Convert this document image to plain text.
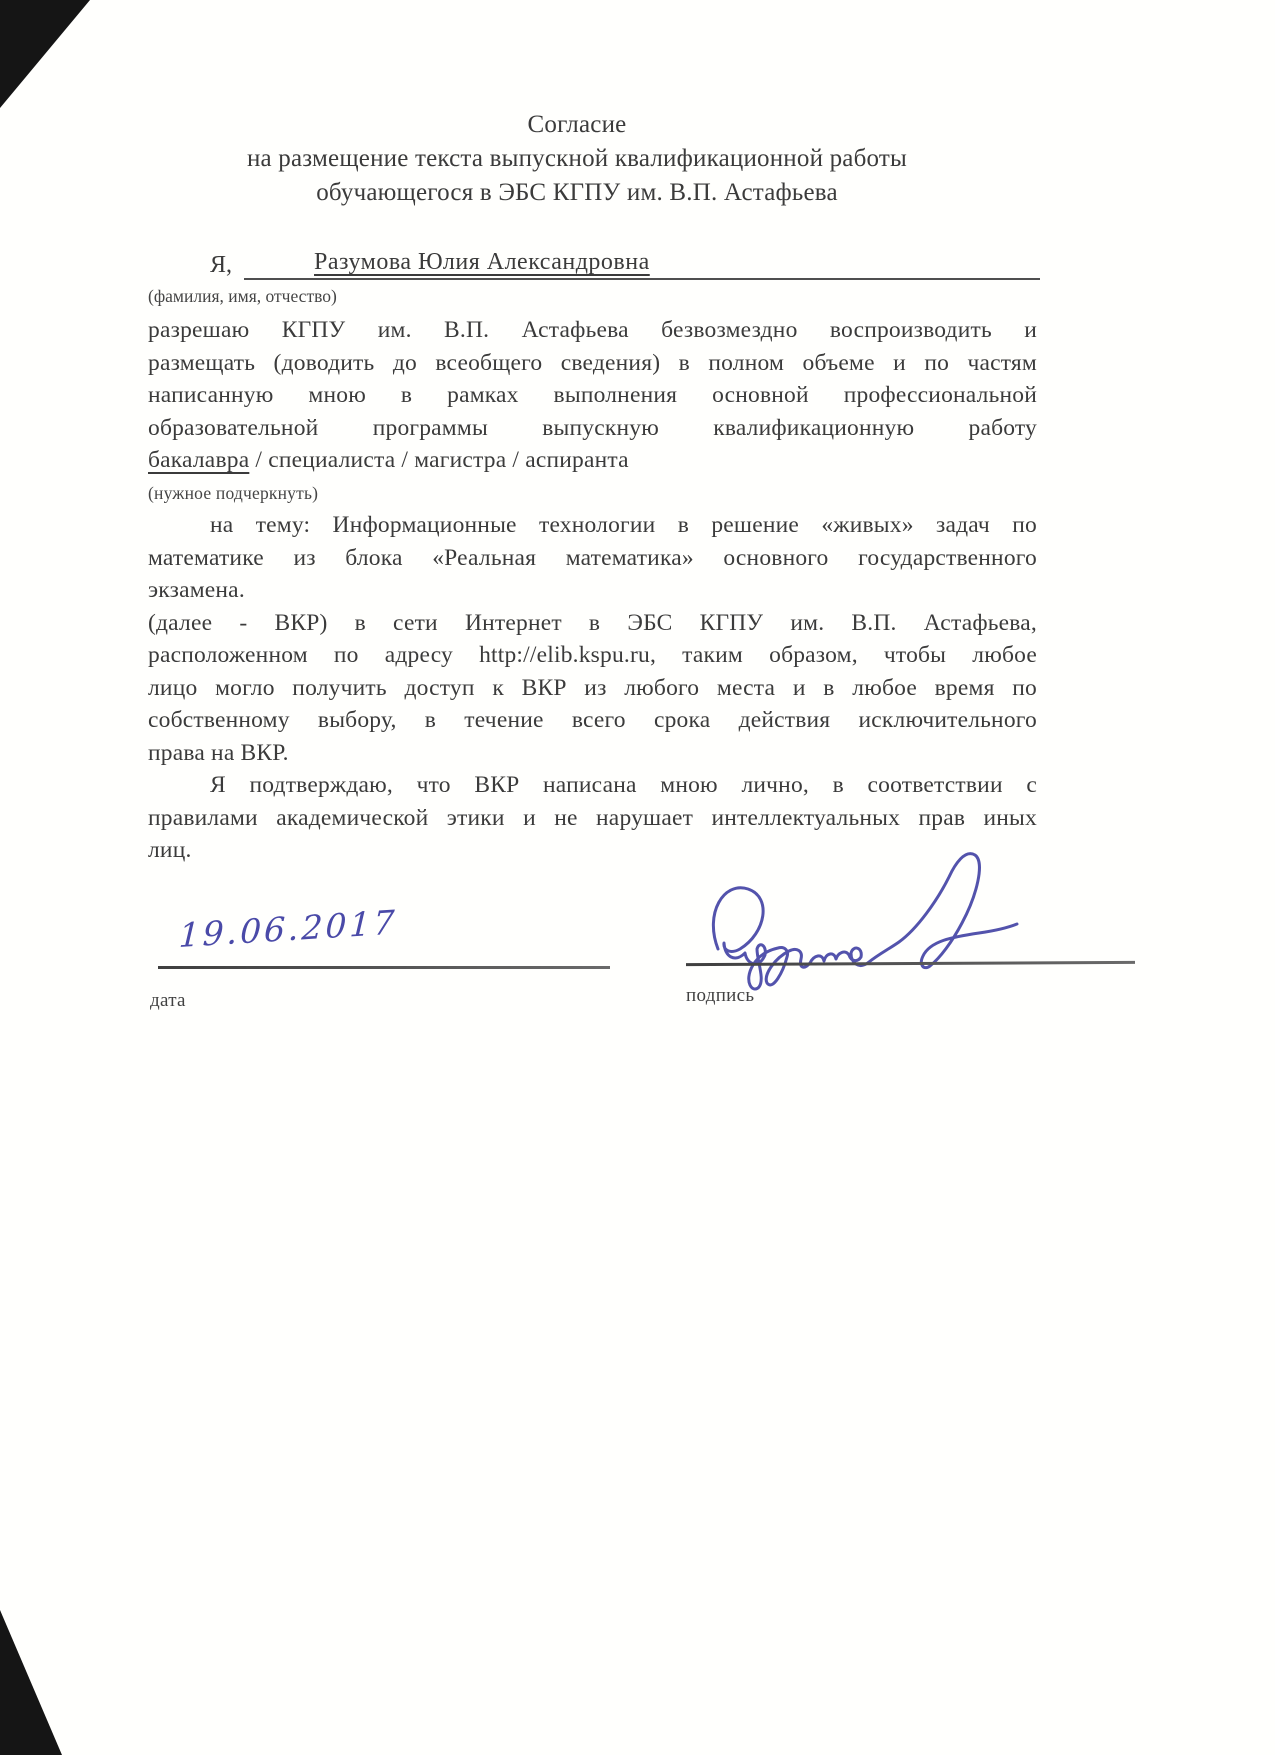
Согласие
на размещение текста выпускной квалификационной работы
обучающегося в ЭБС КГПУ им. В.П. Астафьева
Я,	Разумова Юлия Александровна
(фамилия, имя, отчество)
разрешаю КГПУ им. В.П. Астафьева безвозмездно воспроизводить и
размещать (доводить до всеобщего сведения) в полном объеме и по частям
написанную мною в рамках выполнения основной профессиональной
образовательной программы выпускную квалификационную работу
бакалавра / специалиста / магистра / аспиранта
(нужное подчеркнуть)
на тему: Информационные технологии в решение «живых» задач по
математике из блока «Реальная математика» основного государственного
экзамена.
(далее - ВКР) в сети Интернет в ЭБС КГПУ им. В.П. Астафьева,
расположенном по адресу http://elib.kspu.ru, таким образом, чтобы любое
лицо могло получить доступ к ВКР из любого места и в любое время по
собственному выбору, в течение всего срока действия исключительного
права на ВКР.
Я подтверждаю, что ВКР написана мною лично, в соответствии с
правилами академической этики и не нарушает интеллектуальных прав иных
лиц.
19.06.2017
дата	подпись
